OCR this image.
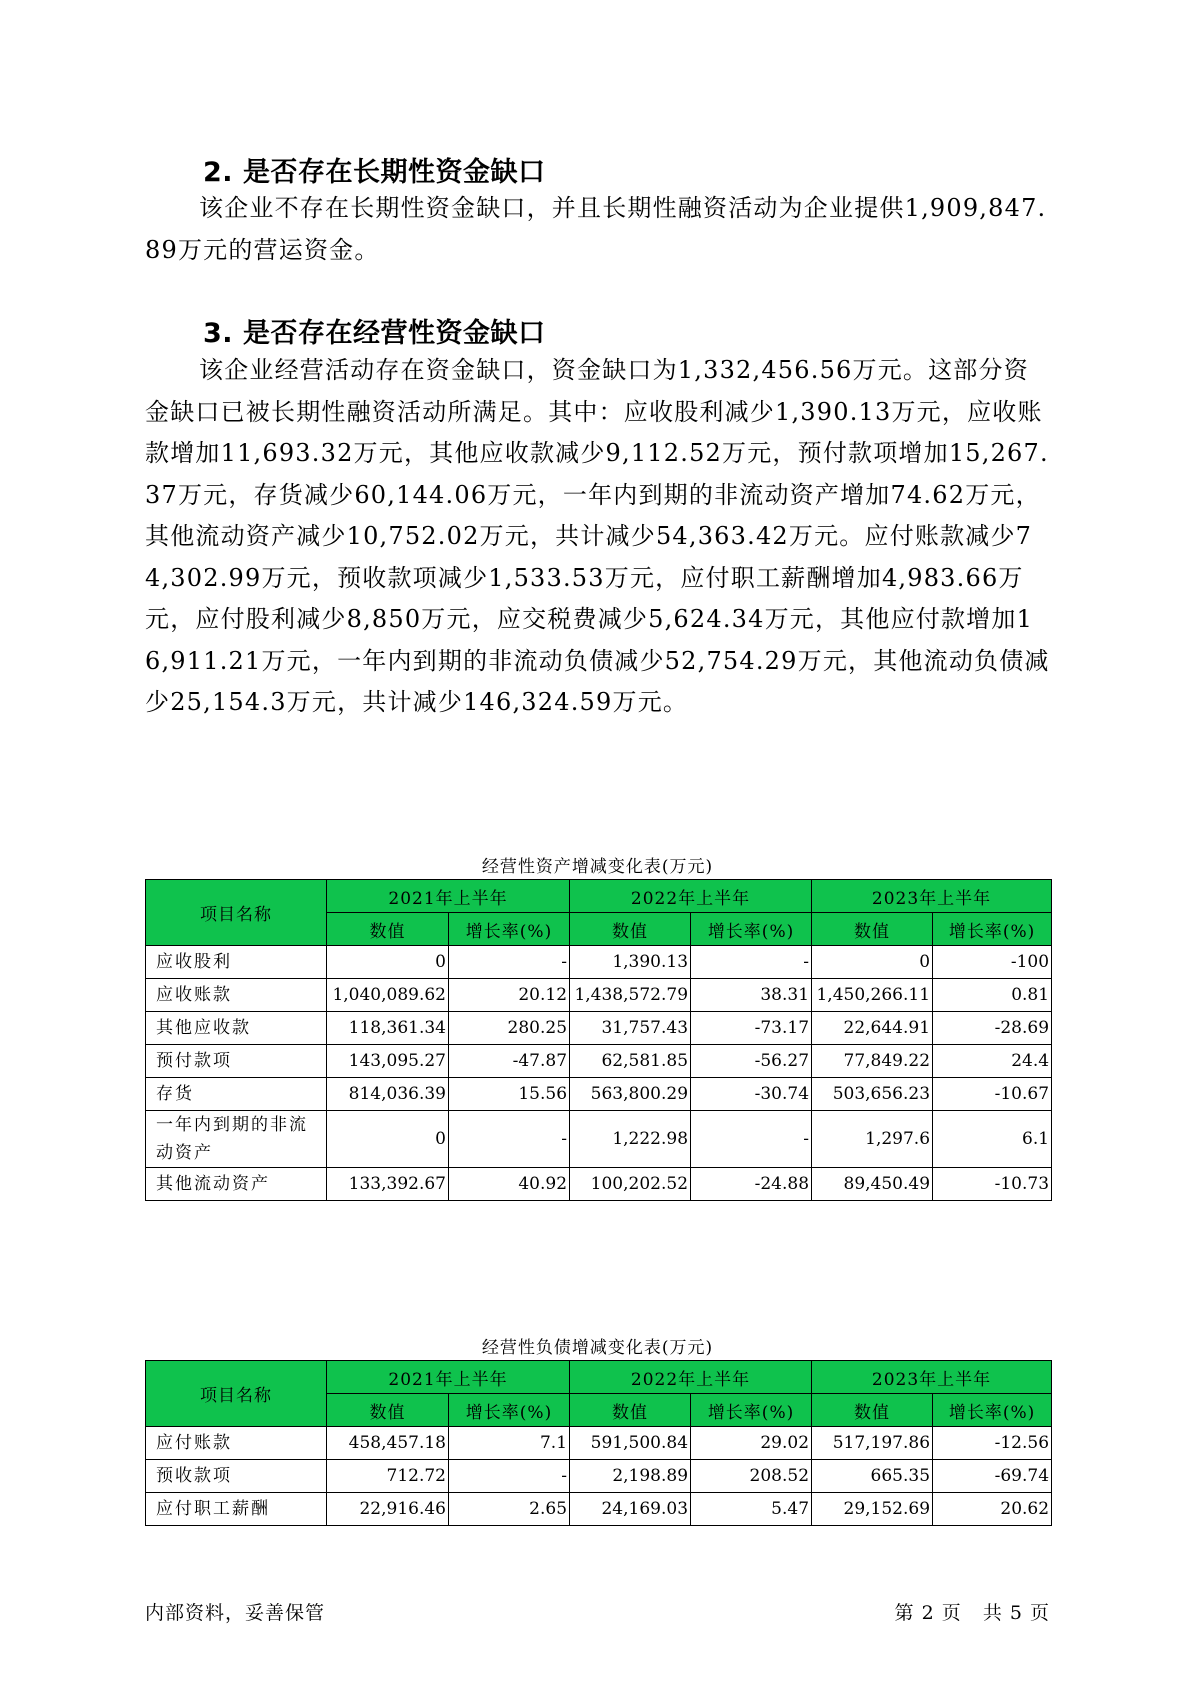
2. 是否存在长期性资金缺口

该企业不存在长期性资金缺口，并且长期性融资活动为企业提供1,909,847.89万元的营运资金。

3. 是否存在经营性资金缺口

该企业经营活动存在资金缺口，资金缺口为1,332,456.56万元。这部分资金缺口已被长期性融资活动所满足。其中：应收股利减少1,390.13万元，应收账款增加11,693.32万元，其他应收款减少9,112.52万元，预付款项增加15,267.37万元，存货减少60,144.06万元，一年内到期的非流动资产增加74.62万元，其他流动资产减少10,752.02万元，共计减少54,363.42万元。应付账款减少74,302.99万元，预收款项减少1,533.53万元，应付职工薪酬增加4,983.66万元，应付股利减少8,850万元，应交税费减少5,624.34万元，其他应付款增加16,911.21万元，一年内到期的非流动负债减少52,754.29万元，其他流动负债减少25,154.3万元，共计减少146,324.59万元。

经营性资产增减变化表(万元)
项目名称	2021年上半年		2022年上半年		2023年上半年	
	数值	增长率(%)	数值	增长率(%)	数值	增长率(%)
应收股利	0	-	1,390.13	-	0	-100
应收账款	1,040,089.62	20.12	1,438,572.79	38.31	1,450,266.11	0.81
其他应收款	118,361.34	280.25	31,757.43	-73.17	22,644.91	-28.69
预付款项	143,095.27	-47.87	62,581.85	-56.27	77,849.22	24.4
存货	814,036.39	15.56	563,800.29	-30.74	503,656.23	-10.67
一年内到期的非流动资产	0	-	1,222.98	-	1,297.6	6.1
其他流动资产	133,392.67	40.92	100,202.52	-24.88	89,450.49	-10.73
经营性负债增减变化表(万元)
项目名称	2021年上半年		2022年上半年		2023年上半年	
	数值	增长率(%)	数值	增长率(%)	数值	增长率(%)
应付账款	458,457.18	7.1	591,500.84	29.02	517,197.86	-12.56
预收款项	712.72	-	2,198.89	208.52	665.35	-69.74
应付职工薪酬	22,916.46	2.65	24,169.03	5.47	29,152.69	20.62
内部资料，妥善保管	第 2 页   共 5 页
